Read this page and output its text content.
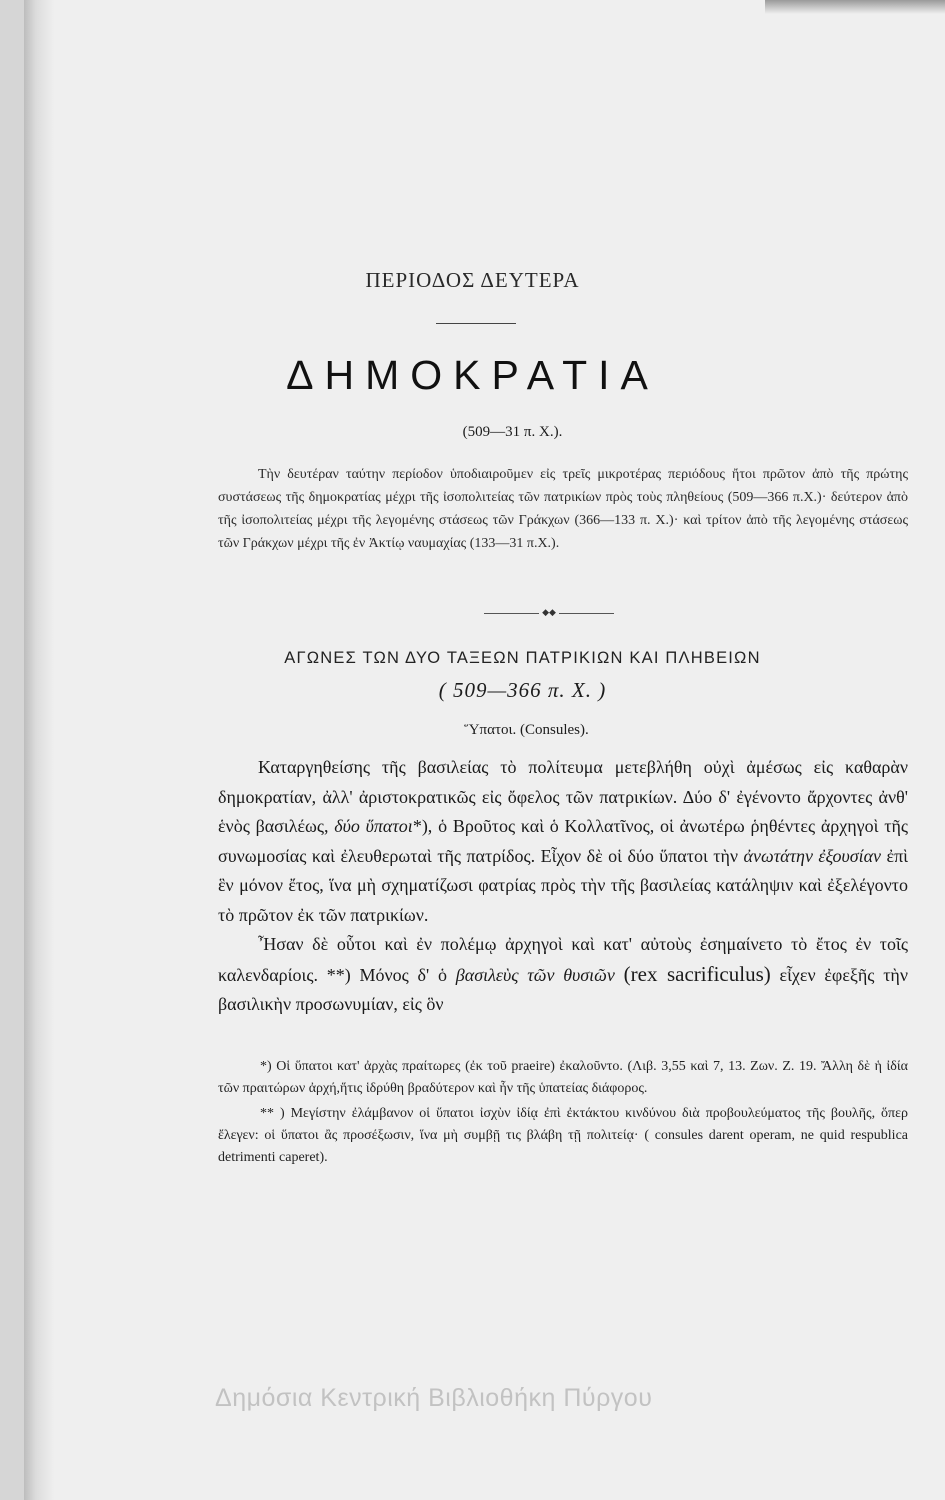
ΠΕΡΙΟΔΟΣ ΔΕΥΤΕΡΑ
ΔΗΜΟΚΡΑΤΙΑ
(509—31 π. Χ.).

Τὴν δευτέραν ταύτην περίοδον ὑποδιαιροῦμεν εἰς τρεῖς μικροτέρας περιόδους ἤτοι πρῶτον ἀπὸ τῆς πρώτης συστάσεως τῆς δημοκρατίας μέχρι τῆς ἰσοπολιτείας τῶν πατρικίων πρὸς τοὺς πληθείους (509—366 π.Χ.)· δεύτερον ἀπὸ τῆς ἰσοπολιτείας μέχρι τῆς λεγομένης στάσεως τῶν Γράκχων (366—133 π. Χ.)· καὶ τρίτον ἀπὸ τῆς λεγομένης στάσεως τῶν Γράκχων μέχρι τῆς ἐν Ἀκτίῳ ναυμαχίας (133—31 π.Χ.).

◆◆
ΑΓΩΝΕΣ ΤΩΝ ΔΥΟ ΤΑΞΕΩΝ ΠΑΤΡΙΚΙΩΝ ΚΑΙ ΠΛΗΒΕΙΩΝ
( 509—366 π. Χ. )
Ὕπατοι. (Consules).

Καταργηθείσης τῆς βασιλείας τὸ πολίτευμα μετεβλήθη οὐχὶ ἀμέσως εἰς καθαρὰν δημοκρατίαν, ἀλλ' ἀριστοκρατικῶς εἰς ὄφελος τῶν πατρικίων. Δύο δ' ἐγένοντο ἄρχοντες ἀνθ' ἑνὸς βασιλέως, δύο ὕπατοι*), ὁ Βροῦτος καὶ ὁ Κολλατῖνος, οἱ ἀνωτέρω ῥηθέντες ἀρχηγοὶ τῆς συνωμοσίας καὶ ἐλευθερωταὶ τῆς πατρίδος. Εἶχον δὲ οἱ δύο ὕπατοι τὴν ἀνωτάτην ἐξουσίαν ἐπὶ ἓν μόνον ἔτος, ἵνα μὴ σχηματίζωσι φατρίας πρὸς τὴν τῆς βασιλείας κατάληψιν καὶ ἐξελέγοντο τὸ πρῶτον ἐκ τῶν πατρικίων.

Ἦσαν δὲ οὗτοι καὶ ἐν πολέμῳ ἀρχηγοὶ καὶ κατ' αὐτοὺς ἐσημαίνετο τὸ ἔτος ἐν τοῖς καλενδαρίοις. **) Μόνος δ' ὁ βασιλεὺς τῶν θυσιῶν (rex sacrificulus) εἶχεν ἐφεξῆς τὴν βασιλικὴν προσωνυμίαν, εἰς ὃν

*) Οἱ ὕπατοι κατ' ἀρχὰς πραίτωρες (ἐκ τοῦ praeire) ἐκαλοῦντο. (Λιβ. 3,55 καὶ 7, 13. Ζων. Ζ. 19. Ἄλλη δὲ ἡ ἰδία τῶν πραιτώρων ἀρχή,ἥτις ἱδρύθη βραδύτερον καὶ ἦν τῆς ὑπατείας διάφορος.

** ) Μεγίστην ἐλάμβανον οἱ ὕπατοι ἰσχὺν ἰδίᾳ ἐπὶ ἐκτάκτου κινδύνου διὰ προβουλεύματος τῆς βουλῆς, ὅπερ ἔλεγεν: οἱ ὕπατοι ἂς προσέξωσιν, ἵνα μὴ συμβῇ τις βλάβη τῇ πολιτείᾳ· ( consules darent operam, ne quid respublica detrimenti caperet).

Δημόσια Κεντρική Βιβλιοθήκη Πύργου
